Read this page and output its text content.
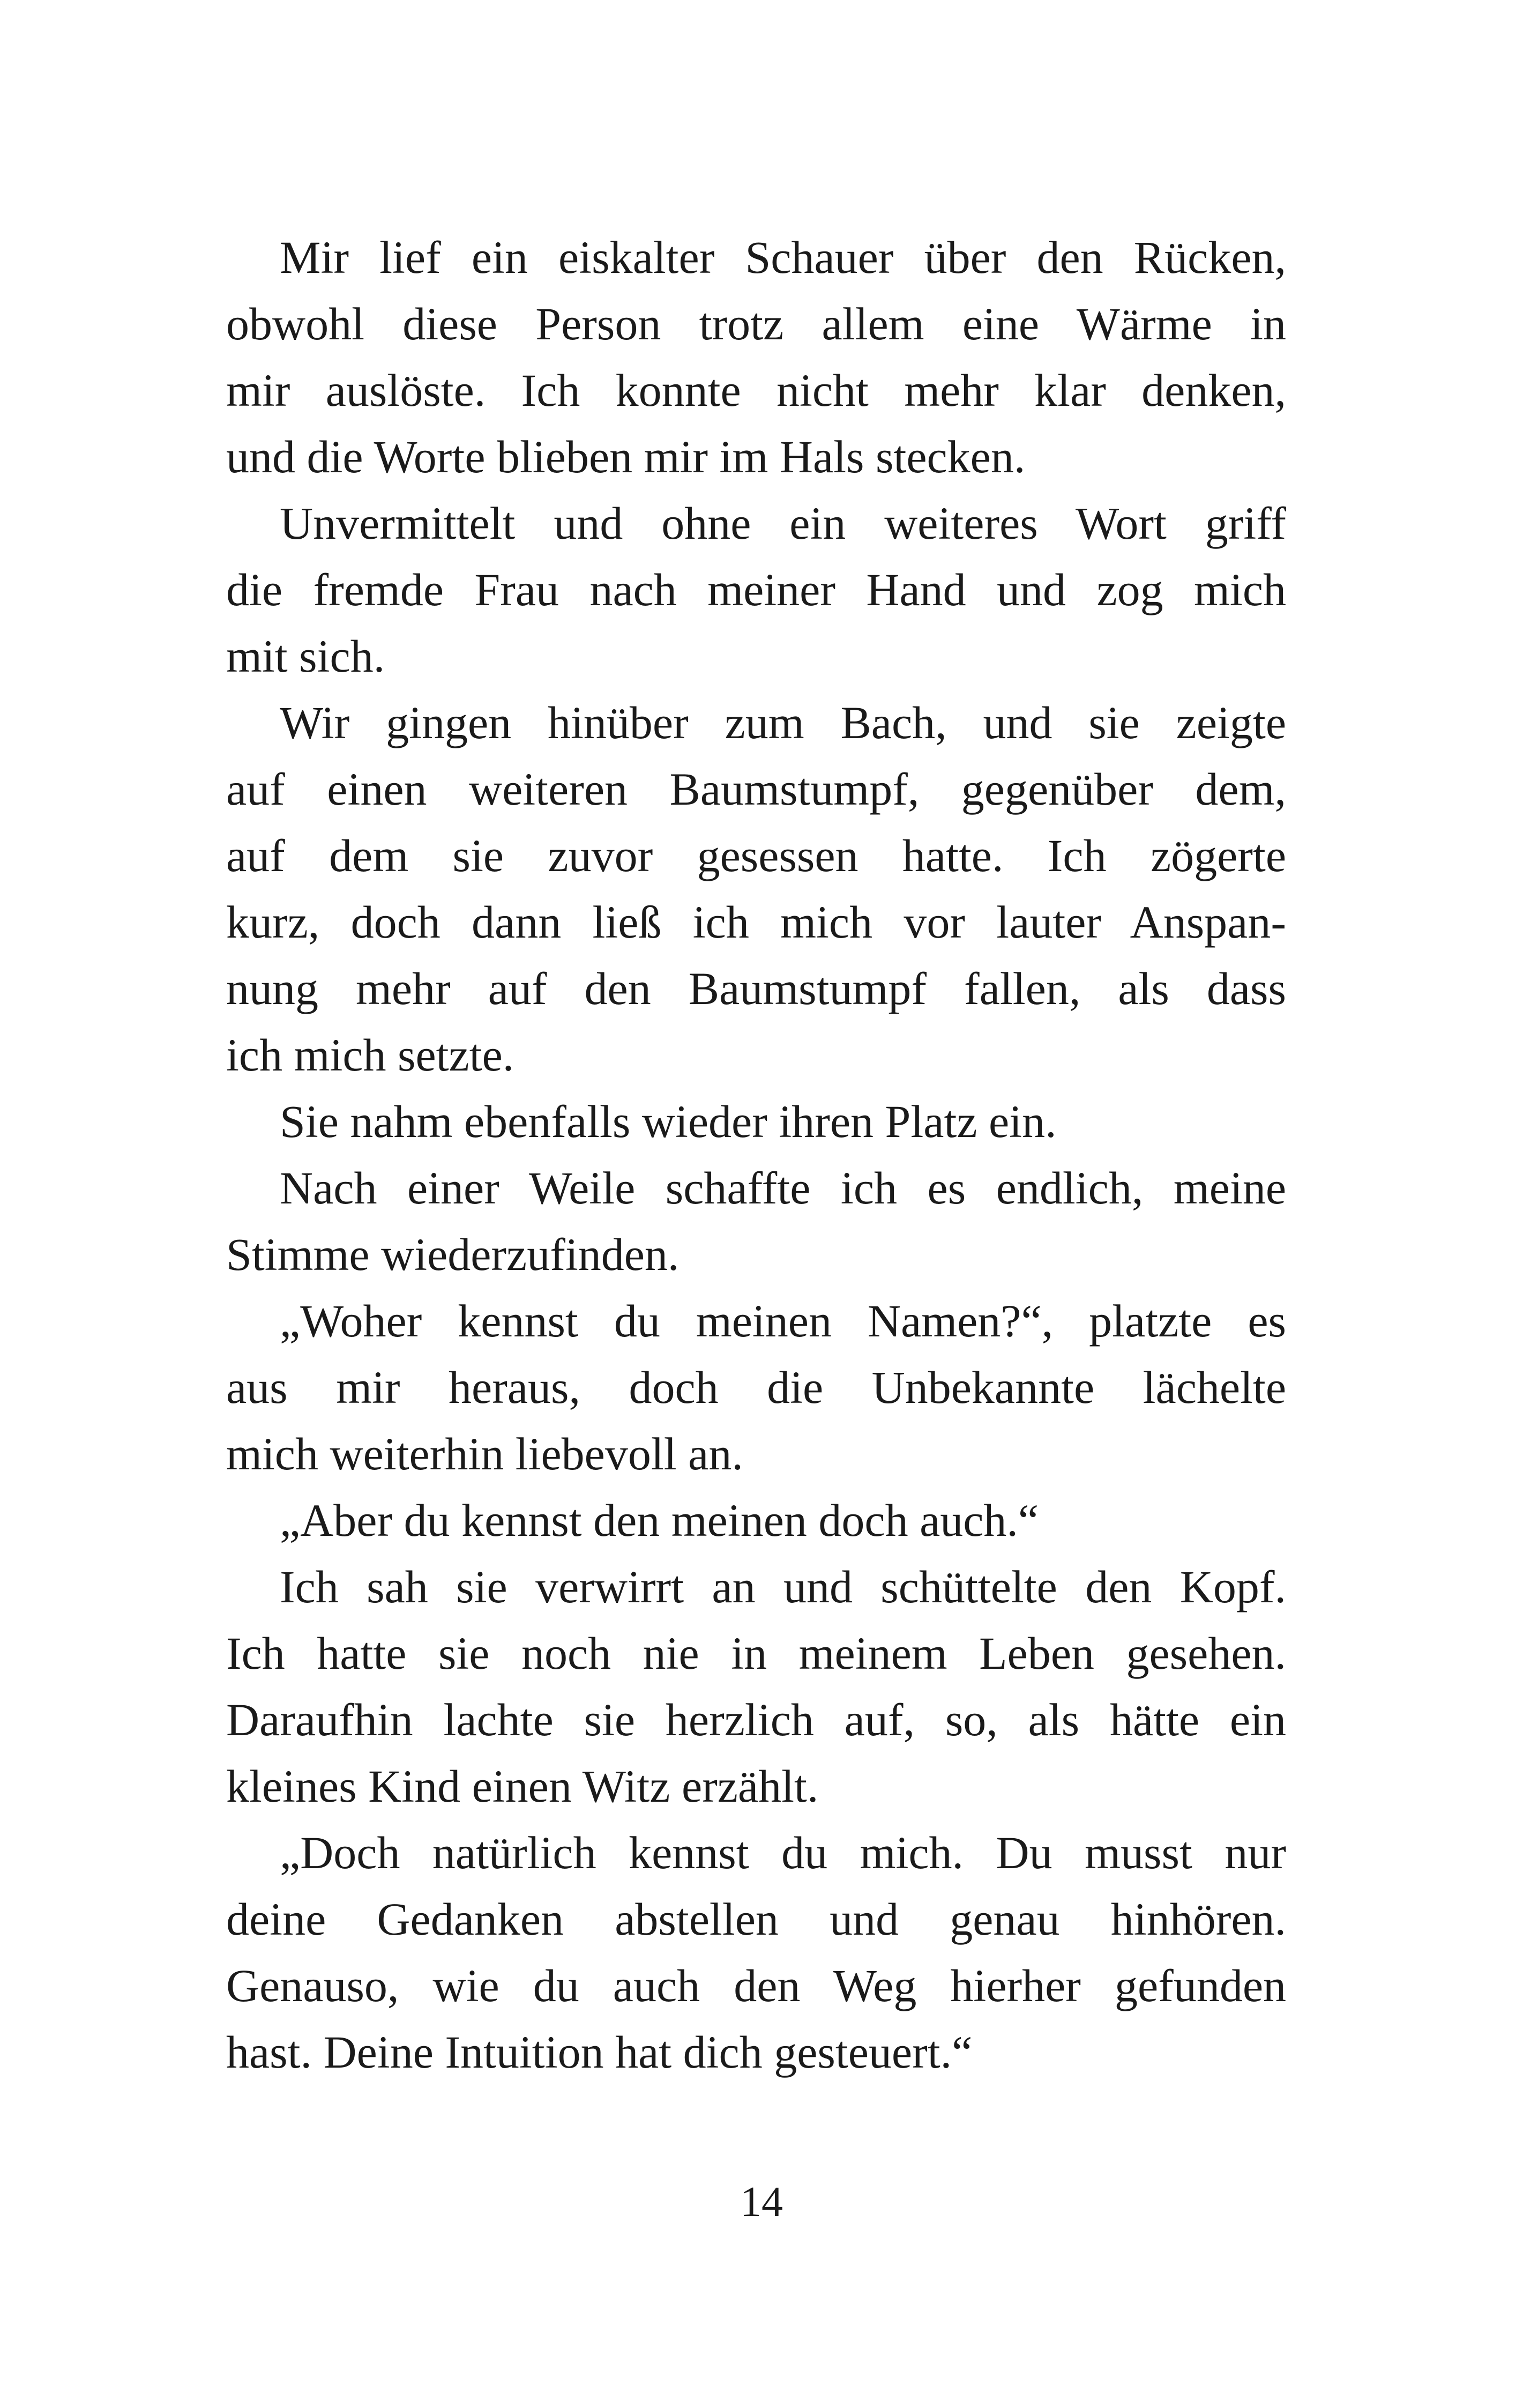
Mir lief ein eiskalter Schauer über den Rücken,
obwohl diese Person trotz allem eine Wärme in
mir auslöste. Ich konnte nicht mehr klar denken,
und die Worte blieben mir im Hals stecken.

Unvermittelt und ohne ein weiteres Wort griff
die fremde Frau nach meiner Hand und zog mich
mit sich.

Wir gingen hinüber zum Bach, und sie zeigte
auf einen weiteren Baumstumpf, gegenüber dem,
auf dem sie zuvor gesessen hatte. Ich zögerte
kurz, doch dann ließ ich mich vor lauter Anspan-
nung mehr auf den Baumstumpf fallen, als dass
ich mich setzte.

Sie nahm ebenfalls wieder ihren Platz ein.

Nach einer Weile schaffte ich es endlich, meine
Stimme wiederzufinden.

„Woher kennst du meinen Namen?“, platzte es
aus mir heraus, doch die Unbekannte lächelte
mich weiterhin liebevoll an.

„Aber du kennst den meinen doch auch.“

Ich sah sie verwirrt an und schüttelte den Kopf.
Ich hatte sie noch nie in meinem Leben gesehen.
Daraufhin lachte sie herzlich auf, so, als hätte ein
kleines Kind einen Witz erzählt.

„Doch natürlich kennst du mich. Du musst nur
deine Gedanken abstellen und genau hinhören.
Genauso, wie du auch den Weg hierher gefunden
hast. Deine Intuition hat dich gesteuert.“

14
